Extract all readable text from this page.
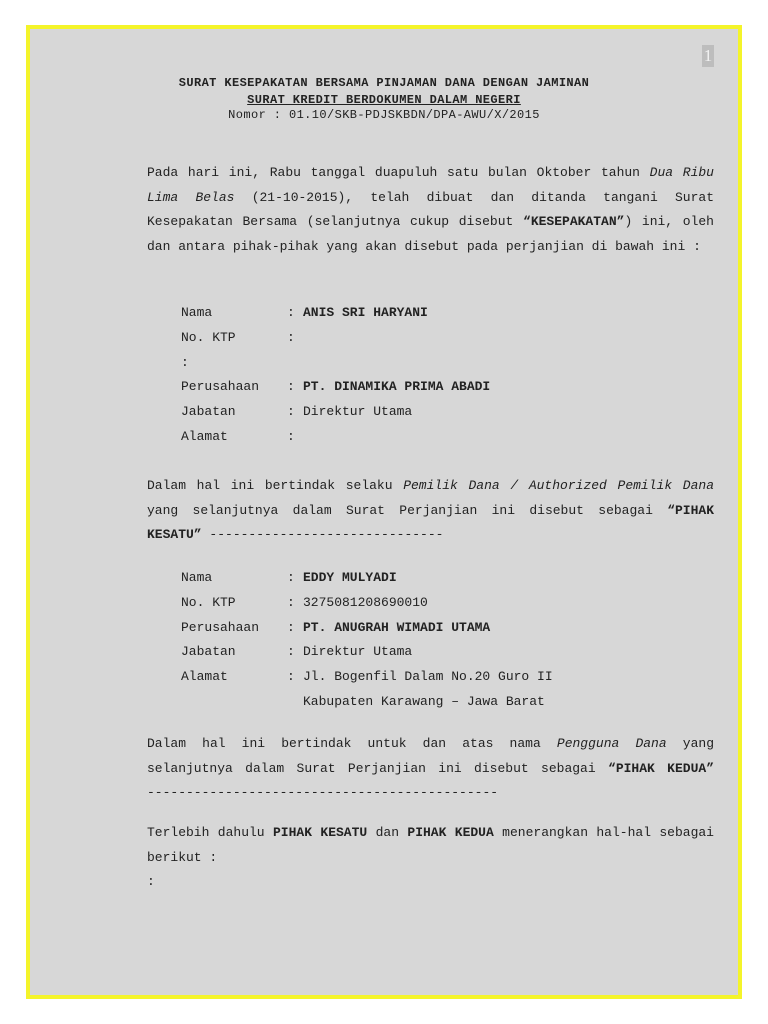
1
SURAT KESEPAKATAN BERSAMA PINJAMAN DANA DENGAN JAMINAN
SURAT KREDIT BERDOKUMEN DALAM NEGERI
Nomor : 01.10/SKB-PDJSKBDN/DPA-AWU/X/2015

Pada hari ini, Rabu tanggal duapuluh satu bulan Oktober tahun Dua Ribu Lima Belas (21-10-2015), telah dibuat dan ditanda tangani Surat Kesepakatan Bersama (selanjutnya cukup disebut “KESEPAKATAN”) ini, oleh dan antara pihak-pihak yang akan disebut pada perjanjian di bawah ini :

Nama	: ANIS SRI HARYANI
No. KTP	:
:
Perusahaan	: PT. DINAMIKA PRIMA ABADI
Jabatan	: Direktur Utama
Alamat	:

Dalam hal ini bertindak selaku Pemilik Dana / Authorized Pemilik Dana yang selanjutnya dalam Surat Perjanjian ini disebut sebagai “PIHAK KESATU” ------------------------------

Nama	: EDDY MULYADI
No. KTP	: 3275081208690010
Perusahaan	: PT. ANUGRAH WIMADI UTAMA
Jabatan	: Direktur Utama
Alamat	: Jl. Bogenfil Dalam No.20 Guro II
Kabupaten Karawang – Jawa Barat

Dalam hal ini bertindak untuk dan atas nama Pengguna Dana yang selanjutnya dalam Surat Perjanjian ini disebut sebagai “PIHAK KEDUA” ---------------------------------------------

Terlebih dahulu PIHAK KESATU dan PIHAK KEDUA menerangkan hal-hal sebagai berikut :
:
